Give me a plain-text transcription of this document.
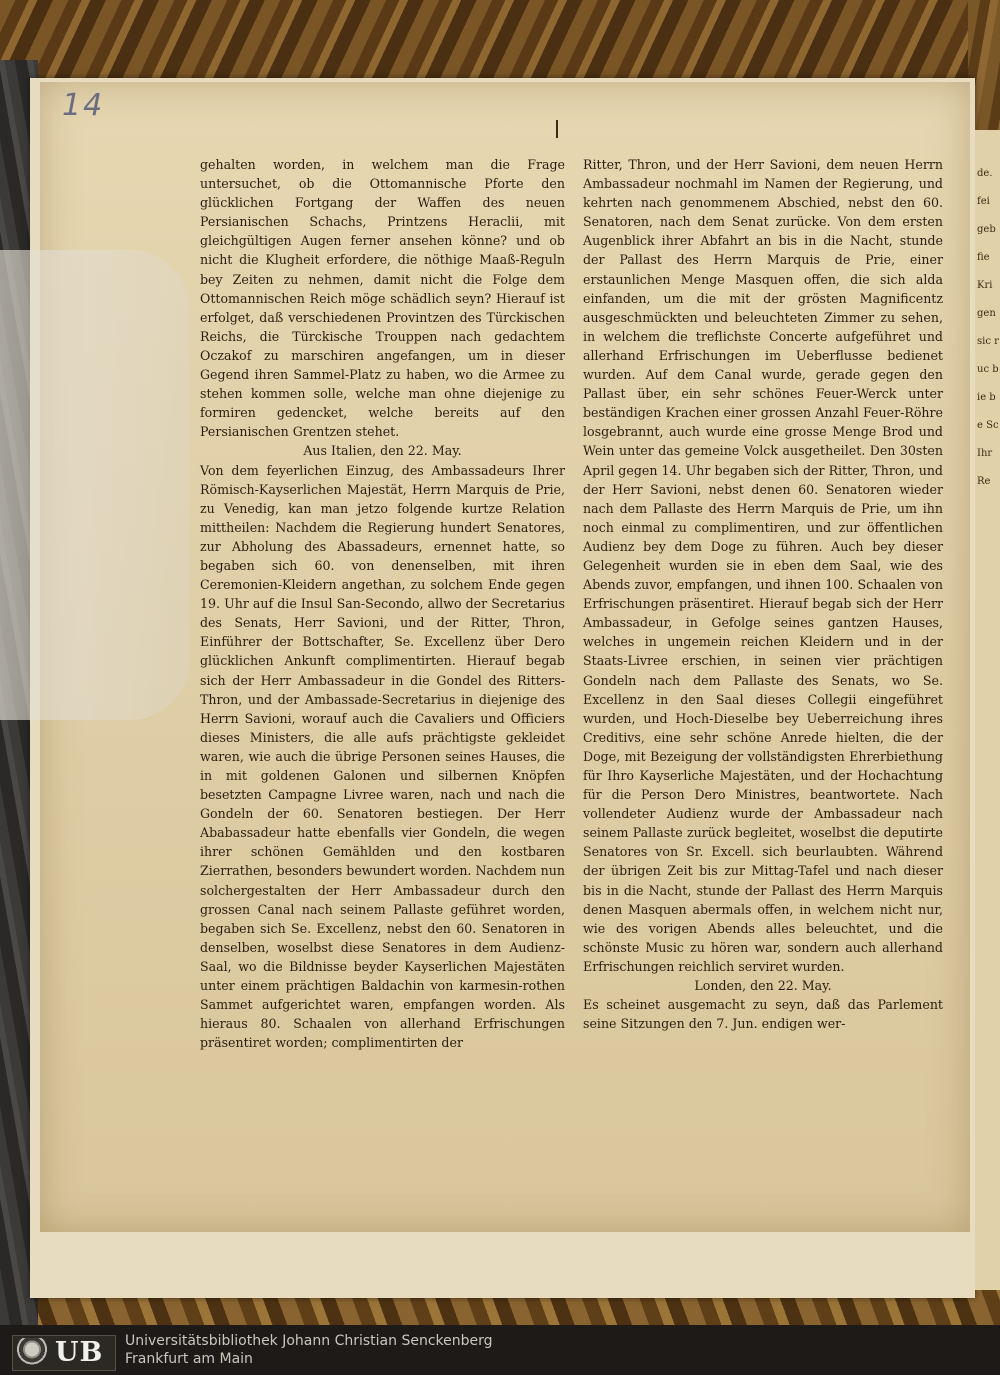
de. fei geb fie Kri gen sic ruc bie be Sc Ihr Re
14

gehalten worden, in welchem man die Frage untersuchet, ob die Ottomannische Pforte den glücklichen Fortgang der Waffen des neuen Persianischen Schachs, Printzens Heraclii, mit gleichgültigen Augen ferner ansehen könne? und ob nicht die Klugheit erfordere, die nöthige Maaß-Reguln bey Zeiten zu nehmen, damit nicht die Folge dem Ottomannischen Reich möge schädlich seyn? Hierauf ist erfolget, daß verschiedenen Provintzen des Türckischen Reichs, die Türckische Trouppen nach gedachtem Oczakof zu marschiren angefangen, um in dieser Gegend ihren Sammel-Platz zu haben, wo die Armee zu stehen kommen solle, welche man ohne diejenige zu formiren gedencket, welche bereits auf den Persianischen Grentzen stehet.

Aus Italien, den 22. May.

Von dem feyerlichen Einzug, des Ambassadeurs Ihrer Römisch-Kayserlichen Majestät, Herrn Marquis de Prie, zu Venedig, kan man jetzo folgende kurtze Relation mittheilen: Nachdem die Regierung hundert Senatores, zur Abholung des Abassadeurs, ernennet hatte, so begaben sich 60. von denenselben, mit ihren Ceremonien-Kleidern angethan, zu solchem Ende gegen 19. Uhr auf die Insul San-Secondo, allwo der Secretarius des Senats, Herr Savioni, und der Ritter, Thron, Einführer der Bottschafter, Se. Excellenz über Dero glücklichen Ankunft complimentirten. Hierauf begab sich der Herr Ambassadeur in die Gondel des Ritters-Thron, und der Ambassade-Secretarius in diejenige des Herrn Savioni, worauf auch die Cavaliers und Officiers dieses Ministers, die alle aufs prächtigste gekleidet waren, wie auch die übrige Personen seines Hauses, die in mit goldenen Galonen und silbernen Knöpfen besetzten Campagne Livree waren, nach und nach die Gondeln der 60. Senatoren bestiegen. Der Herr Ababassadeur hatte ebenfalls vier Gondeln, die wegen ihrer schönen Gemählden und den kostbaren Zierrathen, besonders bewundert worden. Nachdem nun solchergestalten der Herr Ambassadeur durch den grossen Canal nach seinem Pallaste geführet worden, begaben sich Se. Excellenz, nebst den 60. Senatoren in denselben, woselbst diese Senatores in dem Audienz-Saal, wo die Bildnisse beyder Kayserlichen Majestäten unter einem prächtigen Baldachin von karmesin-rothen Sammet aufgerichtet waren, empfangen worden. Als hieraus 80. Schaalen von allerhand Erfrischungen präsentiret worden; complimentirten der

Ritter, Thron, und der Herr Savioni, dem neuen Herrn Ambassadeur nochmahl im Namen der Regierung, und kehrten nach genommenem Abschied, nebst den 60. Senatoren, nach dem Senat zurücke. Von dem ersten Augenblick ihrer Abfahrt an bis in die Nacht, stunde der Pallast des Herrn Marquis de Prie, einer erstaunlichen Menge Masquen offen, die sich alda einfanden, um die mit der grösten Magnificentz ausgeschmückten und beleuchteten Zimmer zu sehen, in welchem die treflichste Concerte aufgeführet und allerhand Erfrischungen im Ueberflusse bedienet wurden. Auf dem Canal wurde, gerade gegen den Pallast über, ein sehr schönes Feuer-Werck unter beständigen Krachen einer grossen Anzahl Feuer-Röhre losgebrannt, auch wurde eine grosse Menge Brod und Wein unter das gemeine Volck ausgetheilet. Den 30sten April gegen 14. Uhr begaben sich der Ritter, Thron, und der Herr Savioni, nebst denen 60. Senatoren wieder nach dem Pallaste des Herrn Marquis de Prie, um ihn noch einmal zu complimentiren, und zur öffentlichen Audienz bey dem Doge zu führen. Auch bey dieser Gelegenheit wurden sie in eben dem Saal, wie des Abends zuvor, empfangen, und ihnen 100. Schaalen von Erfrischungen präsentiret. Hierauf begab sich der Herr Ambassadeur, in Gefolge seines gantzen Hauses, welches in ungemein reichen Kleidern und in der Staats-Livree erschien, in seinen vier prächtigen Gondeln nach dem Pallaste des Senats, wo Se. Excellenz in den Saal dieses Collegii eingeführet wurden, und Hoch-Dieselbe bey Ueberreichung ihres Creditivs, eine sehr schöne Anrede hielten, die der Doge, mit Bezeigung der vollständigsten Ehrerbiethung für Ihro Kayserliche Majestäten, und der Hochachtung für die Person Dero Ministres, beantwortete. Nach vollendeter Audienz wurde der Ambassadeur nach seinem Pallaste zurück begleitet, woselbst die deputirte Senatores von Sr. Excell. sich beurlaubten. Während der übrigen Zeit bis zur Mittag-Tafel und nach dieser bis in die Nacht, stunde der Pallast des Herrn Marquis denen Masquen abermals offen, in welchem nicht nur, wie des vorigen Abends alles beleuchtet, und die schönste Music zu hören war, sondern auch allerhand Erfrischungen reichlich serviret wurden.

Londen, den 22. May.

Es scheinet ausgemacht zu seyn, daß das Parlement seine Sitzungen den 7. Jun. endigen wer-

UB Universitätsbibliothek Johann Christian Senckenberg
Frankfurt am Main
